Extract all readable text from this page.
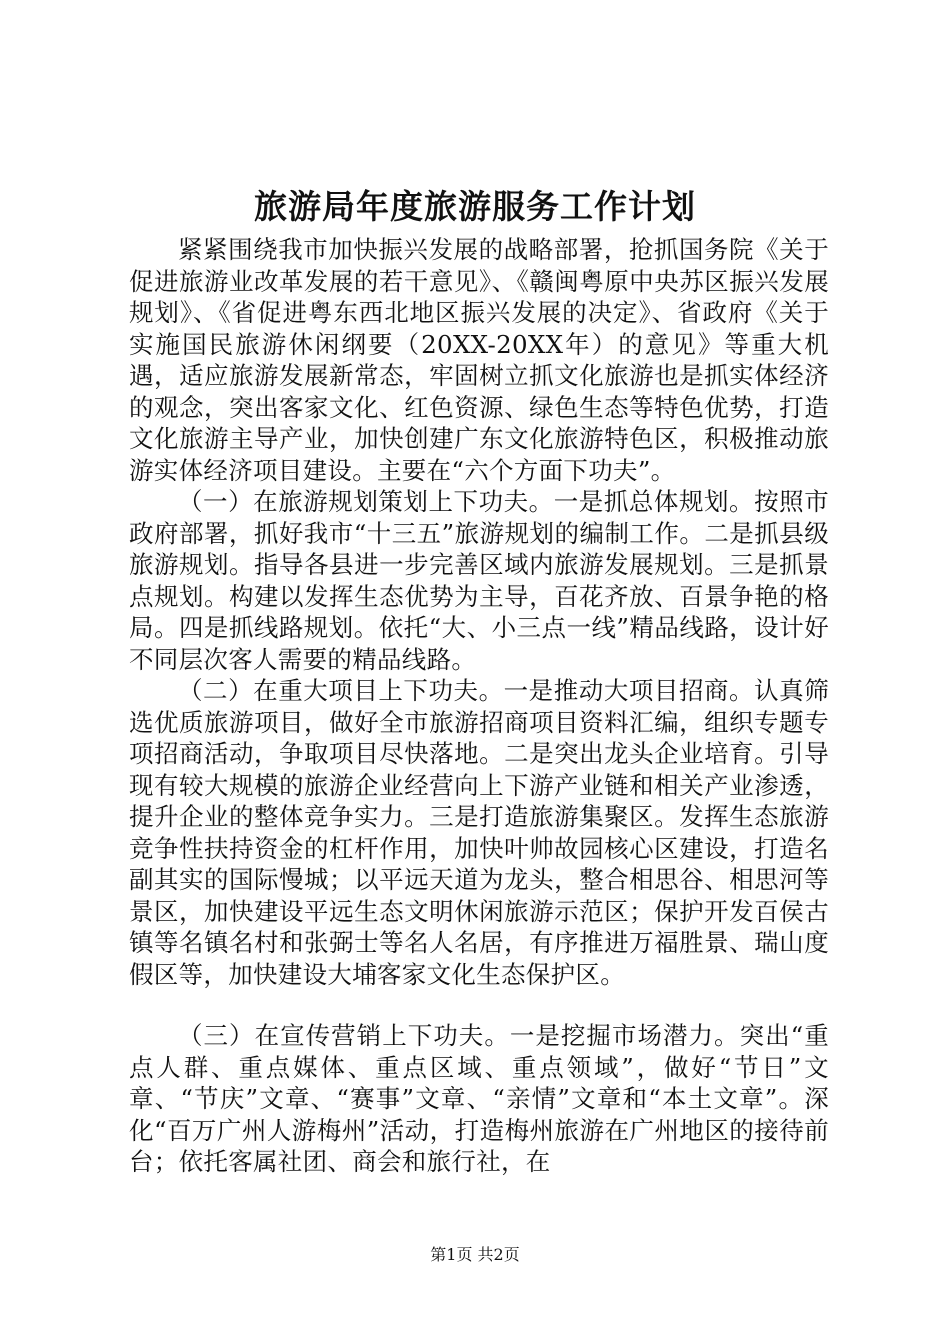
旅游局年度旅游服务工作计划

紧紧围绕我市加快振兴发展的战略部署，抢抓国务院《关于促进旅游业改革发展的若干意见》、《赣闽粤原中央苏区振兴发展规划》、《省促进粤东西北地区振兴发展的决定》、省政府《关于实施国民旅游休闲纲要（20XX-20XX年）的意见》等重大机遇，适应旅游发展新常态，牢固树立抓文化旅游也是抓实体经济的观念，突出客家文化、红色资源、绿色生态等特色优势，打造文化旅游主导产业，加快创建广东文化旅游特色区，积极推动旅游实体经济项目建设。主要在“六个方面下功夫”。

（一）在旅游规划策划上下功夫。一是抓总体规划。按照市政府部署，抓好我市“十三五”旅游规划的编制工作。二是抓县级旅游规划。指导各县进一步完善区域内旅游发展规划。三是抓景点规划。构建以发挥生态优势为主导，百花齐放、百景争艳的格局。四是抓线路规划。依托“大、小三点一线”精品线路，设计好不同层次客人需要的精品线路。

（二）在重大项目上下功夫。一是推动大项目招商。认真筛选优质旅游项目，做好全市旅游招商项目资料汇编，组织专题专项招商活动，争取项目尽快落地。二是突出龙头企业培育。引导现有较大规模的旅游企业经营向上下游产业链和相关产业渗透，提升企业的整体竞争实力。三是打造旅游集聚区。发挥生态旅游竞争性扶持资金的杠杆作用，加快叶帅故园核心区建设，打造名副其实的国际慢城；以平远天道为龙头，整合相思谷、相思河等景区，加快建设平远生态文明休闲旅游示范区；保护开发百侯古镇等名镇名村和张弼士等名人名居，有序推进万福胜景、瑞山度假区等，加快建设大埔客家文化生态保护区。

（三）在宣传营销上下功夫。一是挖掘市场潜力。突出“重点人群、重点媒体、重点区域、重点领域”，做好“节日”文章、“节庆”文章、“赛事”文章、“亲情”文章和“本土文章”。深化“百万广州人游梅州”活动，打造梅州旅游在广州地区的接待前台；依托客属社团、商会和旅行社，在

第1页 共2页
